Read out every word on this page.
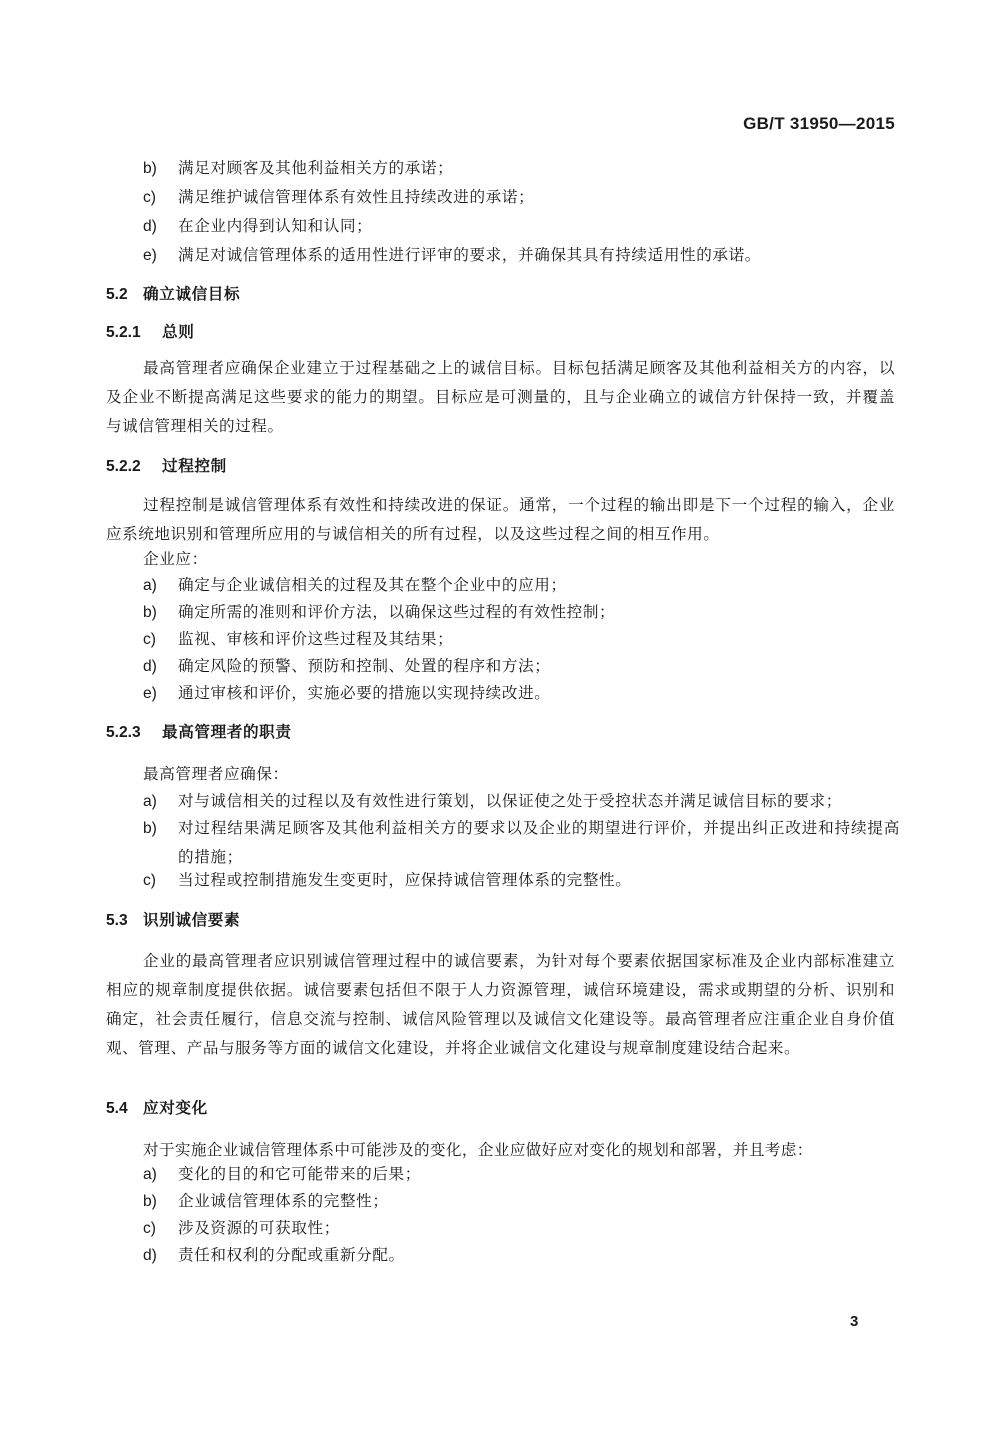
GB/T 31950—2015
b) 满足对顾客及其他利益相关方的承诺；
c) 满足维护诚信管理体系有效性且持续改进的承诺；
d) 在企业内得到认知和认同；
e) 满足对诚信管理体系的适用性进行评审的要求，并确保其具有持续适用性的承诺。
5.2 确立诚信目标
5.2.1 总则
最高管理者应确保企业建立于过程基础之上的诚信目标。目标包括满足顾客及其他利益相关方的内容，以及企业不断提高满足这些要求的能力的期望。目标应是可测量的，且与企业确立的诚信方针保持一致，并覆盖与诚信管理相关的过程。
5.2.2 过程控制
过程控制是诚信管理体系有效性和持续改进的保证。通常，一个过程的输出即是下一个过程的输入，企业应系统地识别和管理所应用的与诚信相关的所有过程，以及这些过程之间的相互作用。
企业应：
a) 确定与企业诚信相关的过程及其在整个企业中的应用；
b) 确定所需的准则和评价方法，以确保这些过程的有效性控制；
c) 监视、审核和评价这些过程及其结果；
d) 确定风险的预警、预防和控制、处置的程序和方法；
e) 通过审核和评价，实施必要的措施以实现持续改进。
5.2.3 最高管理者的职责
最高管理者应确保：
a) 对与诚信相关的过程以及有效性进行策划，以保证使之处于受控状态并满足诚信目标的要求；
b) 对过程结果满足顾客及其他利益相关方的要求以及企业的期望进行评价，并提出纠正改进和持续提高的措施；
c) 当过程或控制措施发生变更时，应保持诚信管理体系的完整性。
5.3 识别诚信要素
企业的最高管理者应识别诚信管理过程中的诚信要素，为针对每个要素依据国家标准及企业内部标准建立相应的规章制度提供依据。诚信要素包括但不限于人力资源管理，诚信环境建设，需求或期望的分析、识别和确定，社会责任履行，信息交流与控制、诚信风险管理以及诚信文化建设等。最高管理者应注重企业自身价值观、管理、产品与服务等方面的诚信文化建设，并将企业诚信文化建设与规章制度建设结合起来。
5.4 应对变化
对于实施企业诚信管理体系中可能涉及的变化，企业应做好应对变化的规划和部署，并且考虑：
a) 变化的目的和它可能带来的后果；
b) 企业诚信管理体系的完整性；
c) 涉及资源的可获取性；
d) 责任和权利的分配或重新分配。
3
